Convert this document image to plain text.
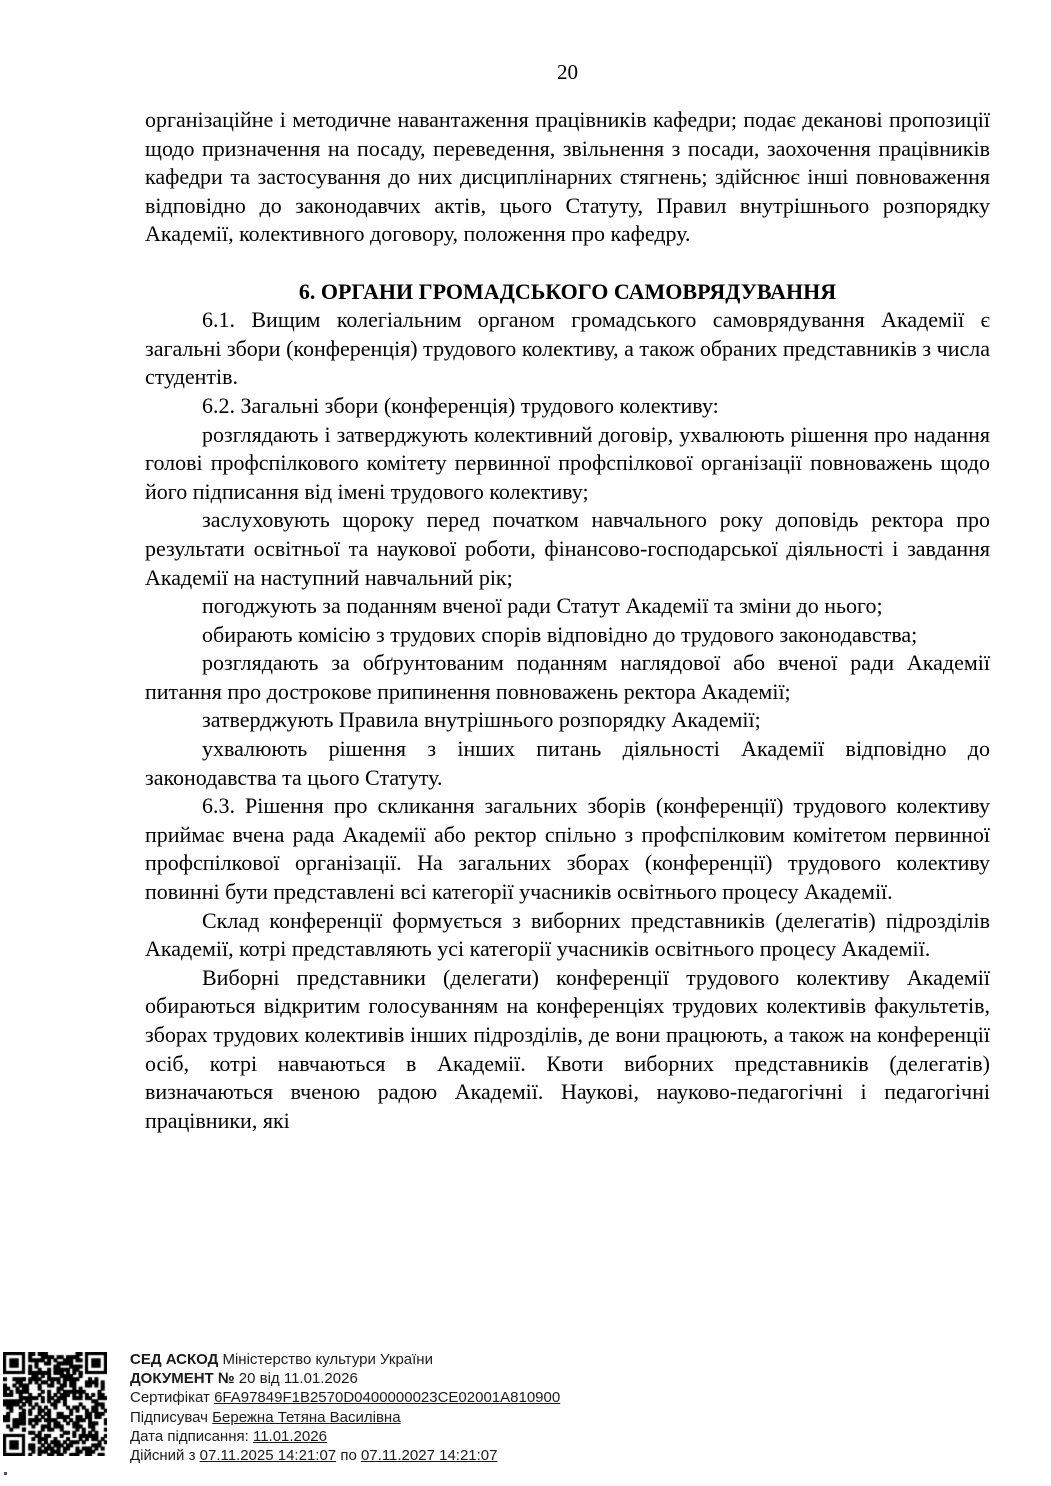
20

організаційне і методичне навантаження працівників кафедри; подає деканові пропозиції щодо призначення на посаду, переведення, звільнення з посади, заохочення працівників кафедри та застосування до них дисциплінарних стягнень; здійснює інші повноваження відповідно до законодавчих актів, цього Статуту, Правил внутрішнього розпорядку Академії, колективного договору, положення про кафедру.

6. ОРГАНИ ГРОМАДСЬКОГО САМОВРЯДУВАННЯ

6.1. Вищим колегіальним органом громадського самоврядування Академії є загальні збори (конференція) трудового колективу, а також обраних представників з числа студентів.

6.2. Загальні збори (конференція) трудового колективу:

розглядають і затверджують колективний договір, ухвалюють рішення про надання голові профспілкового комітету первинної профспілкової організації повноважень щодо його підписання від імені трудового колективу;

заслуховують щороку перед початком навчального року доповідь ректора про результати освітньої та наукової роботи, фінансово-господарської діяльності і завдання Академії на наступний навчальний рік;

погоджують за поданням вченої ради Статут Академії та зміни до нього;

обирають комісію з трудових спорів відповідно до трудового законодавства;

розглядають за обґрунтованим поданням наглядової або вченої ради Академії питання про дострокове припинення повноважень ректора Академії;

затверджують Правила внутрішнього розпорядку Академії;

ухвалюють рішення з інших питань діяльності Академії відповідно до законодавства та цього Статуту.

6.3. Рішення про скликання загальних зборів (конференції) трудового колективу приймає вчена рада Академії або ректор спільно з профспілковим комітетом первинної профспілкової організації. На загальних зборах (конференції) трудового колективу повинні бути представлені всі категорії учасників освітнього процесу Академії.

Склад конференції формується з виборних представників (делегатів) підрозділів Академії, котрі представляють усі категорії учасників освітнього процесу Академії.

Виборні представники (делегати) конференції трудового колективу Академії обираються відкритим голосуванням на конференціях трудових колективів факультетів, зборах трудових колективів інших підрозділів, де вони працюють, а також на конференції осіб, котрі навчаються в Академії. Квоти виборних представників (делегатів) визначаються вченою радою Академії. Наукові, науково-педагогічні і педагогічні працівники, які

СЕД АСКОД Міністерство культури України
ДОКУМЕНТ № 20 від 11.01.2026
Сертифікат 6FA97849F1B2570D0400000023CE02001A810900
Підписувач Бережна Тетяна Василівна
Дата підписання: 11.01.2026
Дійсний з 07.11.2025 14:21:07 по 07.11.2027 14:21:07
